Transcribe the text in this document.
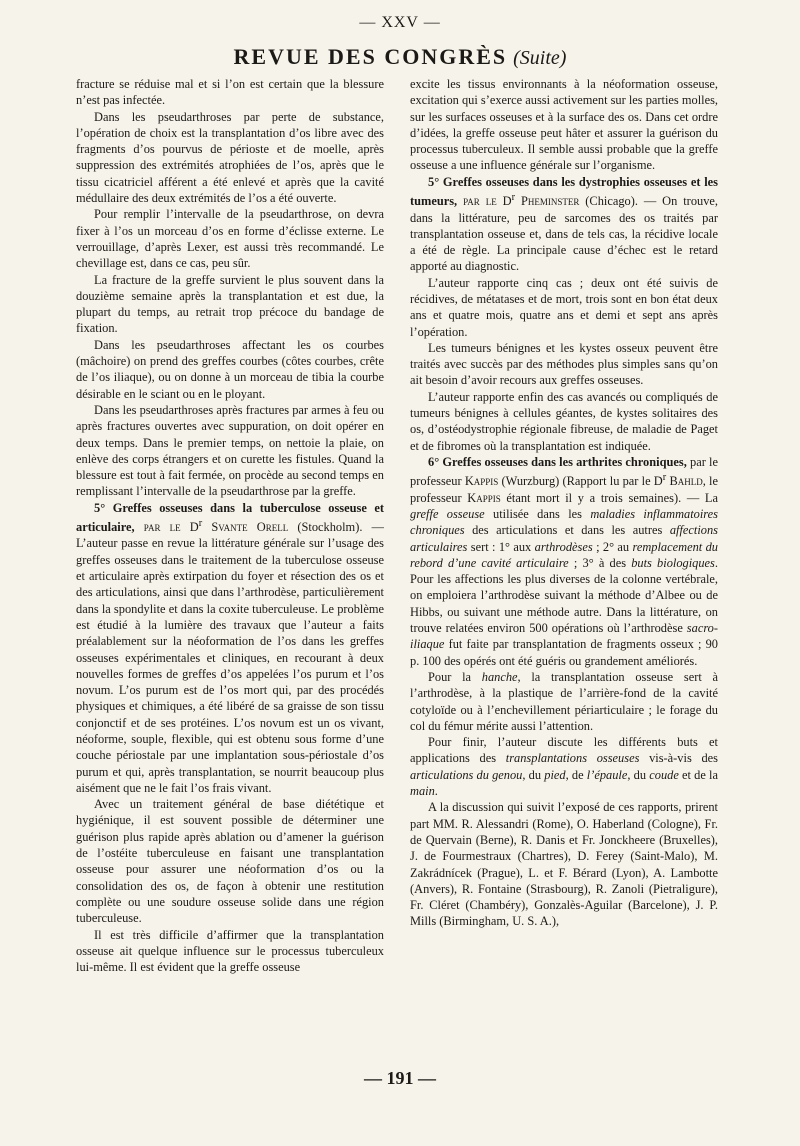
— XXV —
REVUE DES CONGRÈS (Suite)

fracture se réduise mal et si l’on est certain que la blessure n’est pas infectée.

Dans les pseudarthroses par perte de substance, l’opération de choix est la transplantation d’os libre avec des fragments d’os pourvus de périoste et de moelle, après suppression des extrémités atrophiées de l’os, après que le tissu cicatriciel afférent a été enlevé et après que la cavité médullaire des deux extrémités de l’os a été ouverte.

Pour remplir l’intervalle de la pseudarthrose, on devra fixer à l’os un morceau d’os en forme d’éclisse externe. Le verrouillage, d’après Lexer, est aussi très recommandé. Le chevillage est, dans ce cas, peu sûr.

La fracture de la greffe survient le plus souvent dans la douzième semaine après la transplantation et est due, la plupart du temps, au retrait trop précoce du bandage de fixation.

Dans les pseudarthroses affectant les os courbes (mâchoire) on prend des greffes courbes (côtes courbes, crête de l’os iliaque), ou on donne à un morceau de tibia la courbe désirable en le sciant ou en le ployant.

Dans les pseudarthroses après fractures par armes à feu ou après fractures ouvertes avec suppuration, on doit opérer en deux temps. Dans le premier temps, on nettoie la plaie, on enlève des corps étrangers et on curette les fistules. Quand la blessure est tout à fait fermée, on procède au second temps en remplissant l’intervalle de la pseudarthrose par la greffe.

5° Greffes osseuses dans la tuberculose osseuse et articulaire, par le $D^r$ Svante Orell (Stockholm). — L’auteur passe en revue la littérature générale sur l’usage des greffes osseuses dans le traitement de la tuberculose osseuse et articulaire après extirpation du foyer et résection des os et des articulations, ainsi que dans l’arthrodèse, particulièrement dans la spondylite et dans la coxite tuberculeuse. Le problème est étudié à la lumière des travaux que l’auteur a faits préalablement sur la néoformation de l’os dans les greffes osseuses expérimentales et cliniques, en recourant à deux nouvelles formes de greffes d’os appelées l’os purum et l’os novum. L’os purum est de l’os mort qui, par des procédés physiques et chimiques, a été libéré de sa graisse de son tissu conjonctif et de ses protéines. L’os novum est un os vivant, néoforme, souple, flexible, qui est obtenu sous forme d’une couche périostale par une implantation sous-périostale d’os purum et qui, après transplantation, se nourrit beaucoup plus aisément que ne le fait l’os frais vivant.

Avec un traitement général de base diététique et hygiénique, il est souvent possible de déterminer une guérison plus rapide après ablation ou d’amener la guérison de l’ostéite tuberculeuse en faisant une transplantation osseuse pour assurer une néoformation d’os ou la consolidation des os, de façon à obtenir une restitution complète ou une soudure osseuse solide dans une région tuberculeuse.

Il est très difficile d’affirmer que la transplantation osseuse ait quelque influence sur le processus tuberculeux lui-même. Il est évident que la greffe osseuse

excite les tissus environnants à la néoformation osseuse, excitation qui s’exerce aussi activement sur les parties molles, sur les surfaces osseuses et à la surface des os. Dans cet ordre d’idées, la greffe osseuse peut hâter et assurer la guérison du processus tuberculeux. Il semble aussi probable que la greffe osseuse a une influence générale sur l’organisme.

5° Greffes osseuses dans les dystrophies osseuses et les tumeurs, par le $D^r$ Pheminster (Chicago). — On trouve, dans la littérature, peu de sarcomes des os traités par transplantation osseuse et, dans de tels cas, la récidive locale a été de règle. La principale cause d’échec est le retard apporté au diagnostic.

L’auteur rapporte cinq cas ; deux ont été suivis de récidives, de métatases et de mort, trois sont en bon état deux ans et quatre mois, quatre ans et demi et sept ans après l’opération.

Les tumeurs bénignes et les kystes osseux peuvent être traités avec succès par des méthodes plus simples sans qu’on ait besoin d’avoir recours aux greffes osseuses.

L’auteur rapporte enfin des cas avancés ou compliqués de tumeurs bénignes à cellules géantes, de kystes solitaires des os, d’ostéodystrophie régionale fibreuse, de maladie de Paget et de fibromes où la transplantation est indiquée.

6° Greffes osseuses dans les arthrites chroniques, par le professeur Kappis (Wurzburg) (Rapport lu par le $D^r$ Bahld, le professeur Kappis étant mort il y a trois semaines). — La greffe osseuse utilisée dans les maladies inflammatoires chroniques des articulations et dans les autres affections articulaires sert : 1° aux arthrodèses ; 2° au remplacement du rebord d’une cavité articulaire ; 3° à des buts biologiques. Pour les affections les plus diverses de la colonne vertébrale, on emploiera l’arthrodèse suivant la méthode d’Albee ou de Hibbs, ou suivant une méthode autre. Dans la littérature, on trouve relatées environ 500 opérations où l’arthrodèse sacro-iliaque fut faite par transplantation de fragments osseux ; 90 p. 100 des opérés ont été guéris ou grandement améliorés.

Pour la hanche, la transplantation osseuse sert à l’arthrodèse, à la plastique de l’arrière-fond de la cavité cotyloïde ou à l’enchevillement périarticulaire ; le forage du col du fémur mérite aussi l’attention.

Pour finir, l’auteur discute les différents buts et applications des transplantations osseuses vis-à-vis des articulations du genou, du pied, de l’épaule, du coude et de la main.

A la discussion qui suivit l’exposé de ces rapports, prirent part MM. R. Alessandri (Rome), O. Haberland (Cologne), Fr. de Quervain (Berne), R. Danis et Fr. Jonckheere (Bruxelles), J. de Fourmestraux (Chartres), D. Ferey (Saint-Malo), M. Zakrádnícek (Prague), L. et F. Bérard (Lyon), A. Lambotte (Anvers), R. Fontaine (Strasbourg), R. Zanoli (Pietraligure), Fr. Cléret (Chambéry), Gonzalès-Aguilar (Barcelone), J. P. Mills (Birmingham, U. S. A.),

— 191 —
